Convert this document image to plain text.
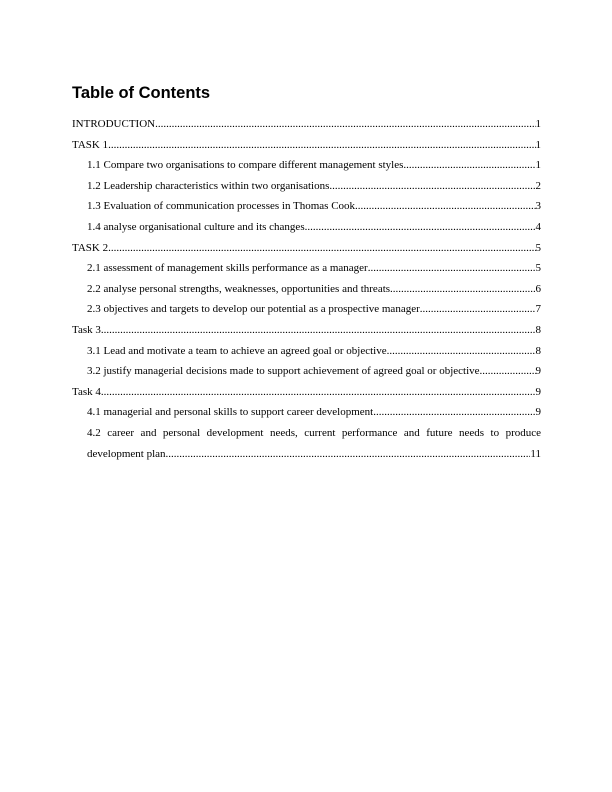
Table of Contents
INTRODUCTION .....	1
TASK 1 .....	1
1.1 Compare two organisations to compare different management styles .....	1
1.2 Leadership characteristics within two organisations .....	2
1.3 Evaluation of communication processes in Thomas Cook .....	3
1.4 analyse organisational culture and its changes .....	4
TASK 2 .....	5
2.1 assessment of management skills performance as a manager .....	5
2.2 analyse personal strengths, weaknesses, opportunities and threats .....	6
2.3 objectives and targets to develop our potential as a prospective manager .....	7
Task 3 .....	8
3.1 Lead and motivate a team to achieve an agreed goal or objective .....	8
3.2 justify managerial decisions made to support achievement of agreed goal or objective .....	9
Task 4 .....	9
4.1 managerial and personal skills to support career development .....	9
4.2 career and personal development needs, current performance and future needs to produce
development plan .....	11
